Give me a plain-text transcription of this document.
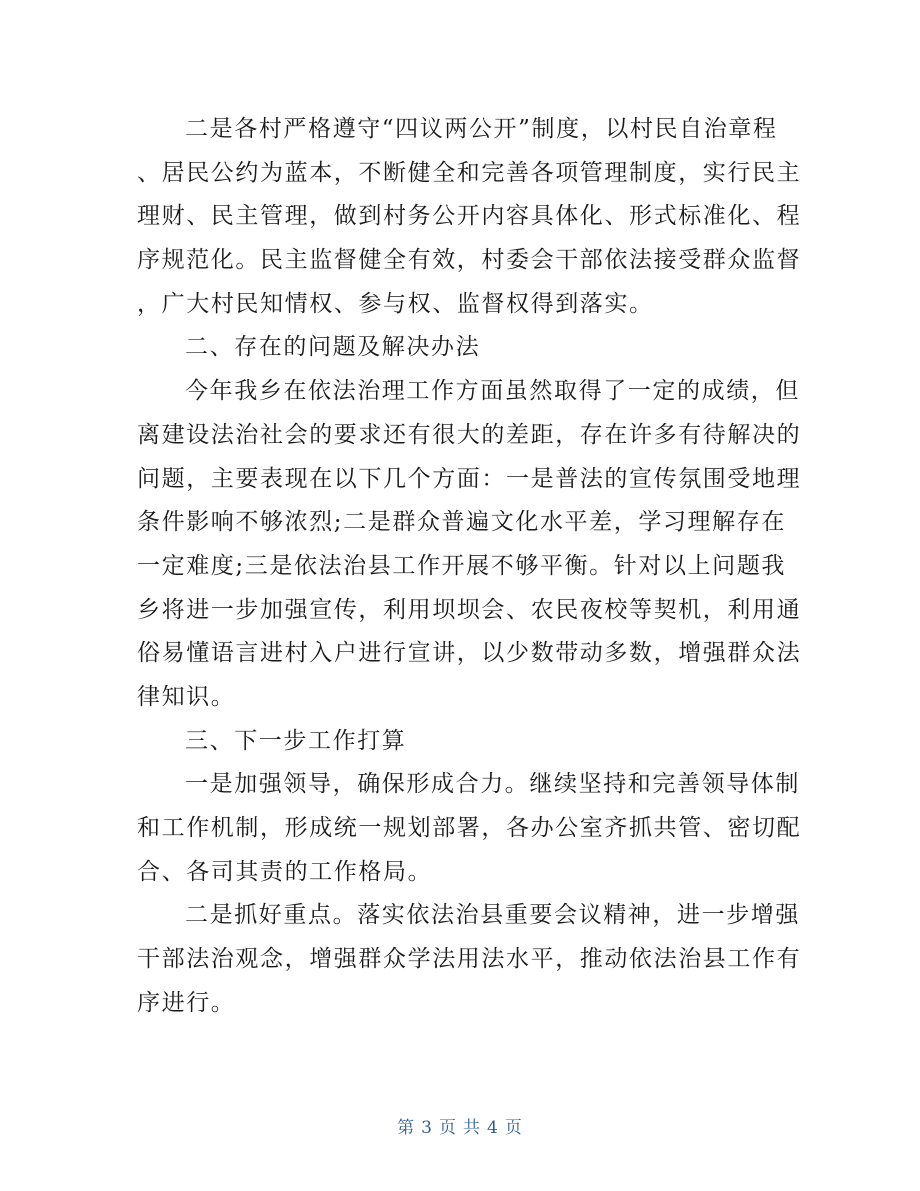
二是各村严格遵守“四议两公开”制度，以村民自治章程
、居民公约为蓝本，不断健全和完善各项管理制度，实行民主
理财、民主管理，做到村务公开内容具体化、形式标准化、程
序规范化。民主监督健全有效，村委会干部依法接受群众监督
，广大村民知情权、参与权、监督权得到落实。
二、存在的问题及解决办法
今年我乡在依法治理工作方面虽然取得了一定的成绩，但
离建设法治社会的要求还有很大的差距，存在许多有待解决的
问题，主要表现在以下几个方面：一是普法的宣传氛围受地理
条件影响不够浓烈;二是群众普遍文化水平差，学习理解存在
一定难度;三是依法治县工作开展不够平衡。针对以上问题我
乡将进一步加强宣传，利用坝坝会、农民夜校等契机，利用通
俗易懂语言进村入户进行宣讲，以少数带动多数，增强群众法
律知识。
三、下一步工作打算
一是加强领导，确保形成合力。继续坚持和完善领导体制
和工作机制，形成统一规划部署，各办公室齐抓共管、密切配
合、各司其责的工作格局。
二是抓好重点。落实依法治县重要会议精神，进一步增强
干部法治观念，增强群众学法用法水平，推动依法治县工作有
序进行。
第 3 页 共 4 页
